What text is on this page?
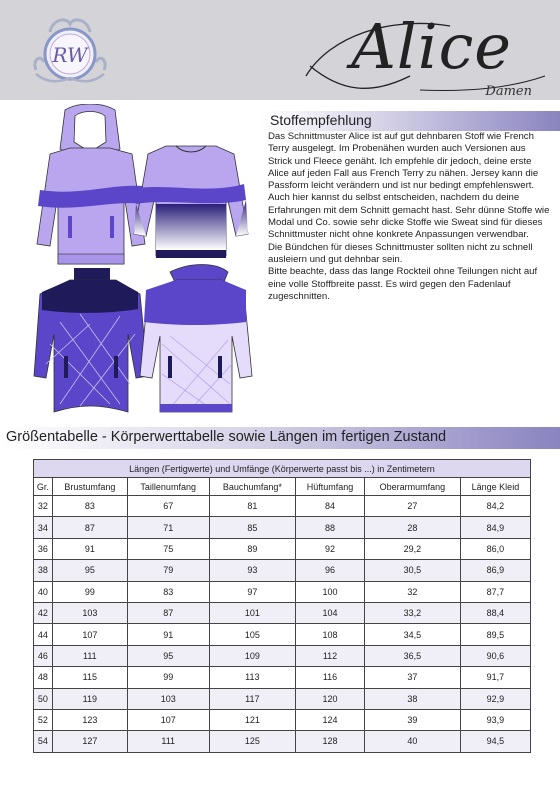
RW	Alice
Damen
Stoffempfehlung

Das Schnittmuster Alice ist auf gut dehnbaren Stoff wie French Terry ausgelegt. Im Probenähen wurden auch Versionen aus Strick und Fleece genäht. Ich empfehle dir jedoch, deine erste Alice auf jeden Fall aus French Terry zu nähen. Jersey kann die Passform leicht verändern und ist nur bedingt empfehlenswert. Auch hier kannst du selbst entscheiden, nachdem du deine Erfahrungen mit dem Schnitt gemacht hast. Sehr dünne Stoffe wie Modal und Co. sowie sehr dicke Stoffe wie Sweat sind für dieses Schnittmuster nicht ohne konkrete Anpassungen verwendbar.

Die Bündchen für dieses Schnittmuster sollten nicht zu schnell ausleiern und gut dehnbar sein.

Bitte beachte, dass das lange Rockteil ohne Teilungen nicht auf eine volle Stoffbreite passt. Es wird gegen den Fadenlauf zugeschnitten.

Größentabelle - Körperwerttabelle sowie Längen im fertigen Zustand
Längen (Fertigwerte) und Umfänge (Körperwerte passt bis ...) in Zentimetern						
Gr.	Brustumfang	Taillenumfang	Bauchumfang*	Hüftumfang	Oberarmumfang	Länge Kleid
32	83	67	81	84	27	84,2
34	87	71	85	88	28	84,9
36	91	75	89	92	29,2	86,0
38	95	79	93	96	30,5	86,9
40	99	83	97	100	32	87,7
42	103	87	101	104	33,2	88,4
44	107	91	105	108	34,5	89,5
46	111	95	109	112	36,5	90,6
48	115	99	113	116	37	91,7
50	119	103	117	120	38	92,9
52	123	107	121	124	39	93,9
54	127	111	125	128	40	94,5
